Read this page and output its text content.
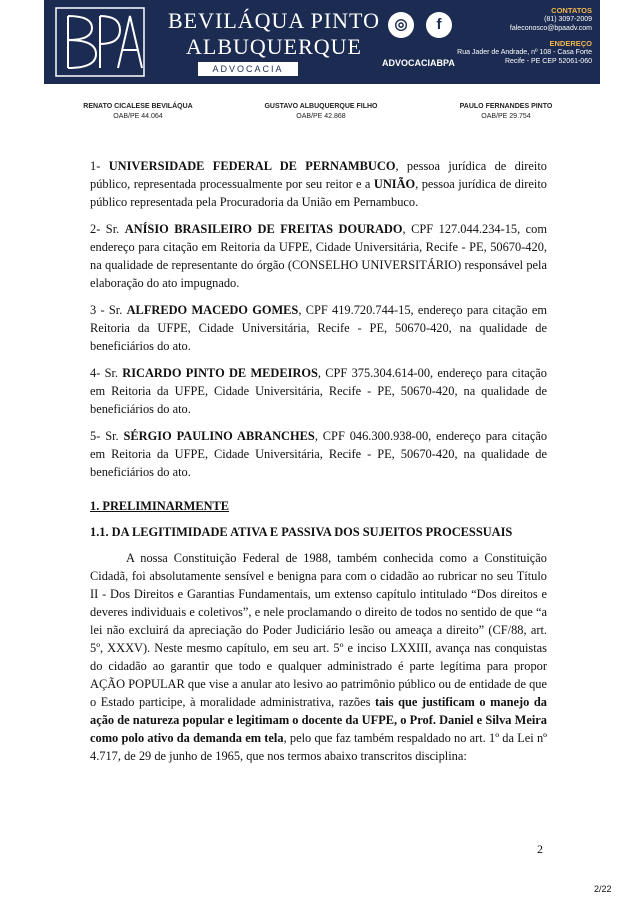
BEVILÁQUA PINTO
ALBUQUERQUE
ADVOCACIA
◎	f
ADVOCACIABPA
CONTATOS
(81) 3097-2009
faleconosco@bpaadv.com
ENDEREÇO
Rua Jader de Andrade, nº 108 - Casa Forte
Recife - PE CEP 52061-060
RENATO CICALESE BEVILÁQUA
OAB/PE 44.064
GUSTAVO ALBUQUERQUE FILHO
OAB/PE 42.868
PAULO FERNANDES PINTO
OAB/PE 29.754

1- UNIVERSIDADE FEDERAL DE PERNAMBUCO, pessoa jurídica de direito público, representada processualmente por seu reitor e a UNIÃO, pessoa jurídica de direito público representada pela Procuradoria da União em Pernambuco.

2- Sr. ANÍSIO BRASILEIRO DE FREITAS DOURADO, CPF 127.044.234-15, com endereço para citação em Reitoria da UFPE, Cidade Universitária, Recife - PE, 50670-420, na qualidade de representante do órgão (CONSELHO UNIVERSITÁRIO) responsável pela elaboração do ato impugnado.

3 - Sr. ALFREDO MACEDO GOMES, CPF 419.720.744-15, endereço para citação em Reitoria da UFPE, Cidade Universitária, Recife - PE, 50670-420, na qualidade de beneficiários do ato.

4- Sr. RICARDO PINTO DE MEDEIROS, CPF 375.304.614-00, endereço para citação em Reitoria da UFPE, Cidade Universitária, Recife - PE, 50670-420, na qualidade de beneficiários do ato.

5- Sr. SÉRGIO PAULINO ABRANCHES, CPF 046.300.938-00, endereço para citação em Reitoria da UFPE, Cidade Universitária, Recife - PE, 50670-420, na qualidade de beneficiários do ato.

1. PRELIMINARMENTE

1.1. DA LEGITIMIDADE ATIVA E PASSIVA DOS SUJEITOS PROCESSUAIS

A nossa Constituição Federal de 1988, também conhecida como a Constituição Cidadã, foi absolutamente sensível e benigna para com o cidadão ao rubricar no seu Título II - Dos Direitos e Garantias Fundamentais, um extenso capítulo intitulado “Dos direitos e deveres individuais e coletivos”, e nele proclamando o direito de todos no sentido de que “a lei não excluirá da apreciação do Poder Judiciário lesão ou ameaça a direito” (CF/88, art. 5º, XXXV). Neste mesmo capítulo, em seu art. 5º e inciso LXXIII, avança nas conquistas do cidadão ao garantir que todo e qualquer administrado é parte legítima para propor AÇÃO POPULAR que vise a anular ato lesivo ao patrimônio público ou de entidade de que o Estado participe, à moralidade administrativa, razões tais que justificam o manejo da ação de natureza popular e legitimam o docente da UFPE, o Prof. Daniel e Silva Meira como polo ativo da demanda em tela, pelo que faz também respaldado no art. 1º da Lei nº 4.717, de 29 de junho de 1965, que nos termos abaixo transcritos disciplina:

2
2/22
